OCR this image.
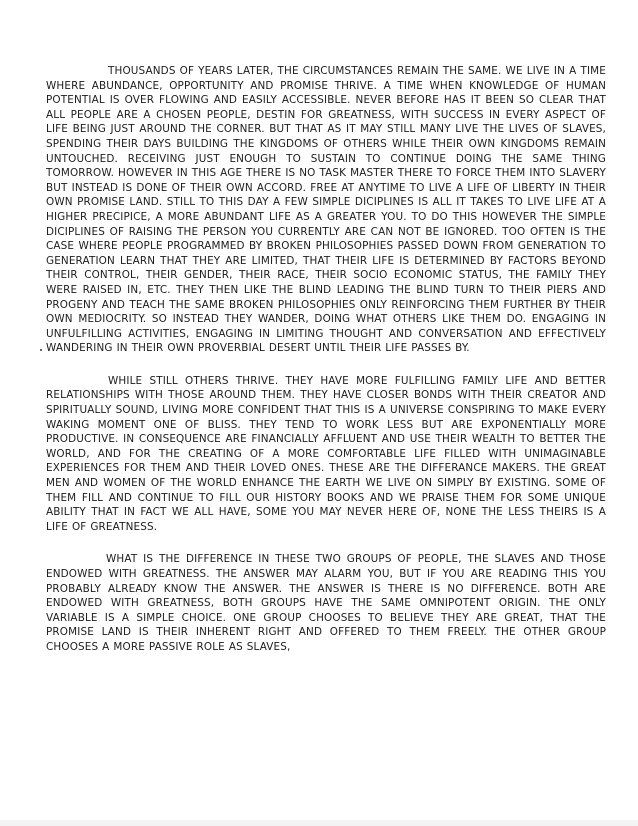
THOUSANDS OF YEARS LATER, THE CIRCUMSTANCES REMAIN THE SAME. WE LIVE IN A TIME WHERE ABUNDANCE, OPPORTUNITY AND PROMISE THRIVE. A TIME WHEN KNOWLEDGE OF HUMAN POTENTIAL IS OVER FLOWING AND EASILY ACCESSIBLE. NEVER BEFORE HAS IT BEEN SO CLEAR THAT ALL PEOPLE ARE A CHOSEN PEOPLE, DESTIN FOR GREATNESS, WITH SUCCESS IN EVERY ASPECT OF LIFE BEING JUST AROUND THE CORNER. BUT THAT AS IT MAY STILL MANY LIVE THE LIVES OF SLAVES, SPENDING THEIR DAYS BUILDING THE KINGDOMS OF OTHERS WHILE THEIR OWN KINGDOMS REMAIN UNTOUCHED. RECEIVING JUST ENOUGH TO SUSTAIN TO CONTINUE DOING THE SAME THING TOMORROW. HOWEVER IN THIS AGE THERE IS NO TASK MASTER THERE TO FORCE THEM INTO SLAVERY BUT INSTEAD IS DONE OF THEIR OWN ACCORD. FREE AT ANYTIME TO LIVE A LIFE OF LIBERTY IN THEIR OWN PROMISE LAND. STILL TO THIS DAY A FEW SIMPLE DICIPLINES IS ALL IT TAKES TO LIVE LIFE AT A HIGHER PRECIPICE, A MORE ABUNDANT LIFE AS A GREATER YOU. TO DO THIS HOWEVER THE SIMPLE DICIPLINES OF RAISING THE PERSON YOU CURRENTLY ARE CAN NOT BE IGNORED. TOO OFTEN IS THE CASE WHERE PEOPLE PROGRAMMED BY BROKEN PHILOSOPHIES PASSED DOWN FROM GENERATION TO GENERATION LEARN THAT THEY ARE LIMITED, THAT THEIR LIFE IS DETERMINED BY FACTORS BEYOND THEIR CONTROL, THEIR GENDER, THEIR RACE, THEIR SOCIO ECONOMIC STATUS, THE FAMILY THEY WERE RAISED IN, ETC. THEY THEN LIKE THE BLIND LEADING THE BLIND TURN TO THEIR PIERS AND PROGENY AND TEACH THE SAME BROKEN PHILOSOPHIES ONLY REINFORCING THEM FURTHER BY THEIR OWN MEDIOCRITY. SO INSTEAD THEY WANDER, DOING WHAT OTHERS LIKE THEM DO. ENGAGING IN UNFULFILLING ACTIVITIES, ENGAGING IN LIMITING THOUGHT AND CONVERSATION AND EFFECTIVELY WANDERING IN THEIR OWN PROVERBIAL DESERT UNTIL THEIR LIFE PASSES BY.

WHILE STILL OTHERS THRIVE. THEY HAVE MORE FULFILLING FAMILY LIFE AND BETTER RELATIONSHIPS WITH THOSE AROUND THEM. THEY HAVE CLOSER BONDS WITH THEIR CREATOR AND SPIRITUALLY SOUND, LIVING MORE CONFIDENT THAT THIS IS A UNIVERSE CONSPIRING TO MAKE EVERY WAKING MOMENT ONE OF BLISS. THEY TEND TO WORK LESS BUT ARE EXPONENTIALLY MORE PRODUCTIVE. IN CONSEQUENCE ARE FINANCIALLY AFFLUENT AND USE THEIR WEALTH TO BETTER THE WORLD, AND FOR THE CREATING OF A MORE COMFORTABLE LIFE FILLED WITH UNIMAGINABLE EXPERIENCES FOR THEM AND THEIR LOVED ONES. THESE ARE THE DIFFERANCE MAKERS. THE GREAT MEN AND WOMEN OF THE WORLD ENHANCE THE EARTH WE LIVE ON SIMPLY BY EXISTING. SOME OF THEM FILL AND CONTINUE TO FILL OUR HISTORY BOOKS AND WE PRAISE THEM FOR SOME UNIQUE ABILITY THAT IN FACT WE ALL HAVE, SOME YOU MAY NEVER HERE OF, NONE THE LESS THEIRS IS A LIFE OF GREATNESS.

WHAT IS THE DIFFERENCE IN THESE TWO GROUPS OF PEOPLE, THE SLAVES AND THOSE ENDOWED WITH GREATNESS. THE ANSWER MAY ALARM YOU, BUT IF YOU ARE READING THIS YOU PROBABLY ALREADY KNOW THE ANSWER. THE ANSWER IS THERE IS NO DIFFERENCE. BOTH ARE ENDOWED WITH GREATNESS, BOTH GROUPS HAVE THE SAME OMNIPOTENT ORIGIN. THE ONLY VARIABLE IS A SIMPLE CHOICE. ONE GROUP CHOOSES TO BELIEVE THEY ARE GREAT, THAT THE PROMISE LAND IS THEIR INHERENT RIGHT AND OFFERED TO THEM FREELY. THE OTHER GROUP CHOOSES A MORE PASSIVE ROLE AS SLAVES,
